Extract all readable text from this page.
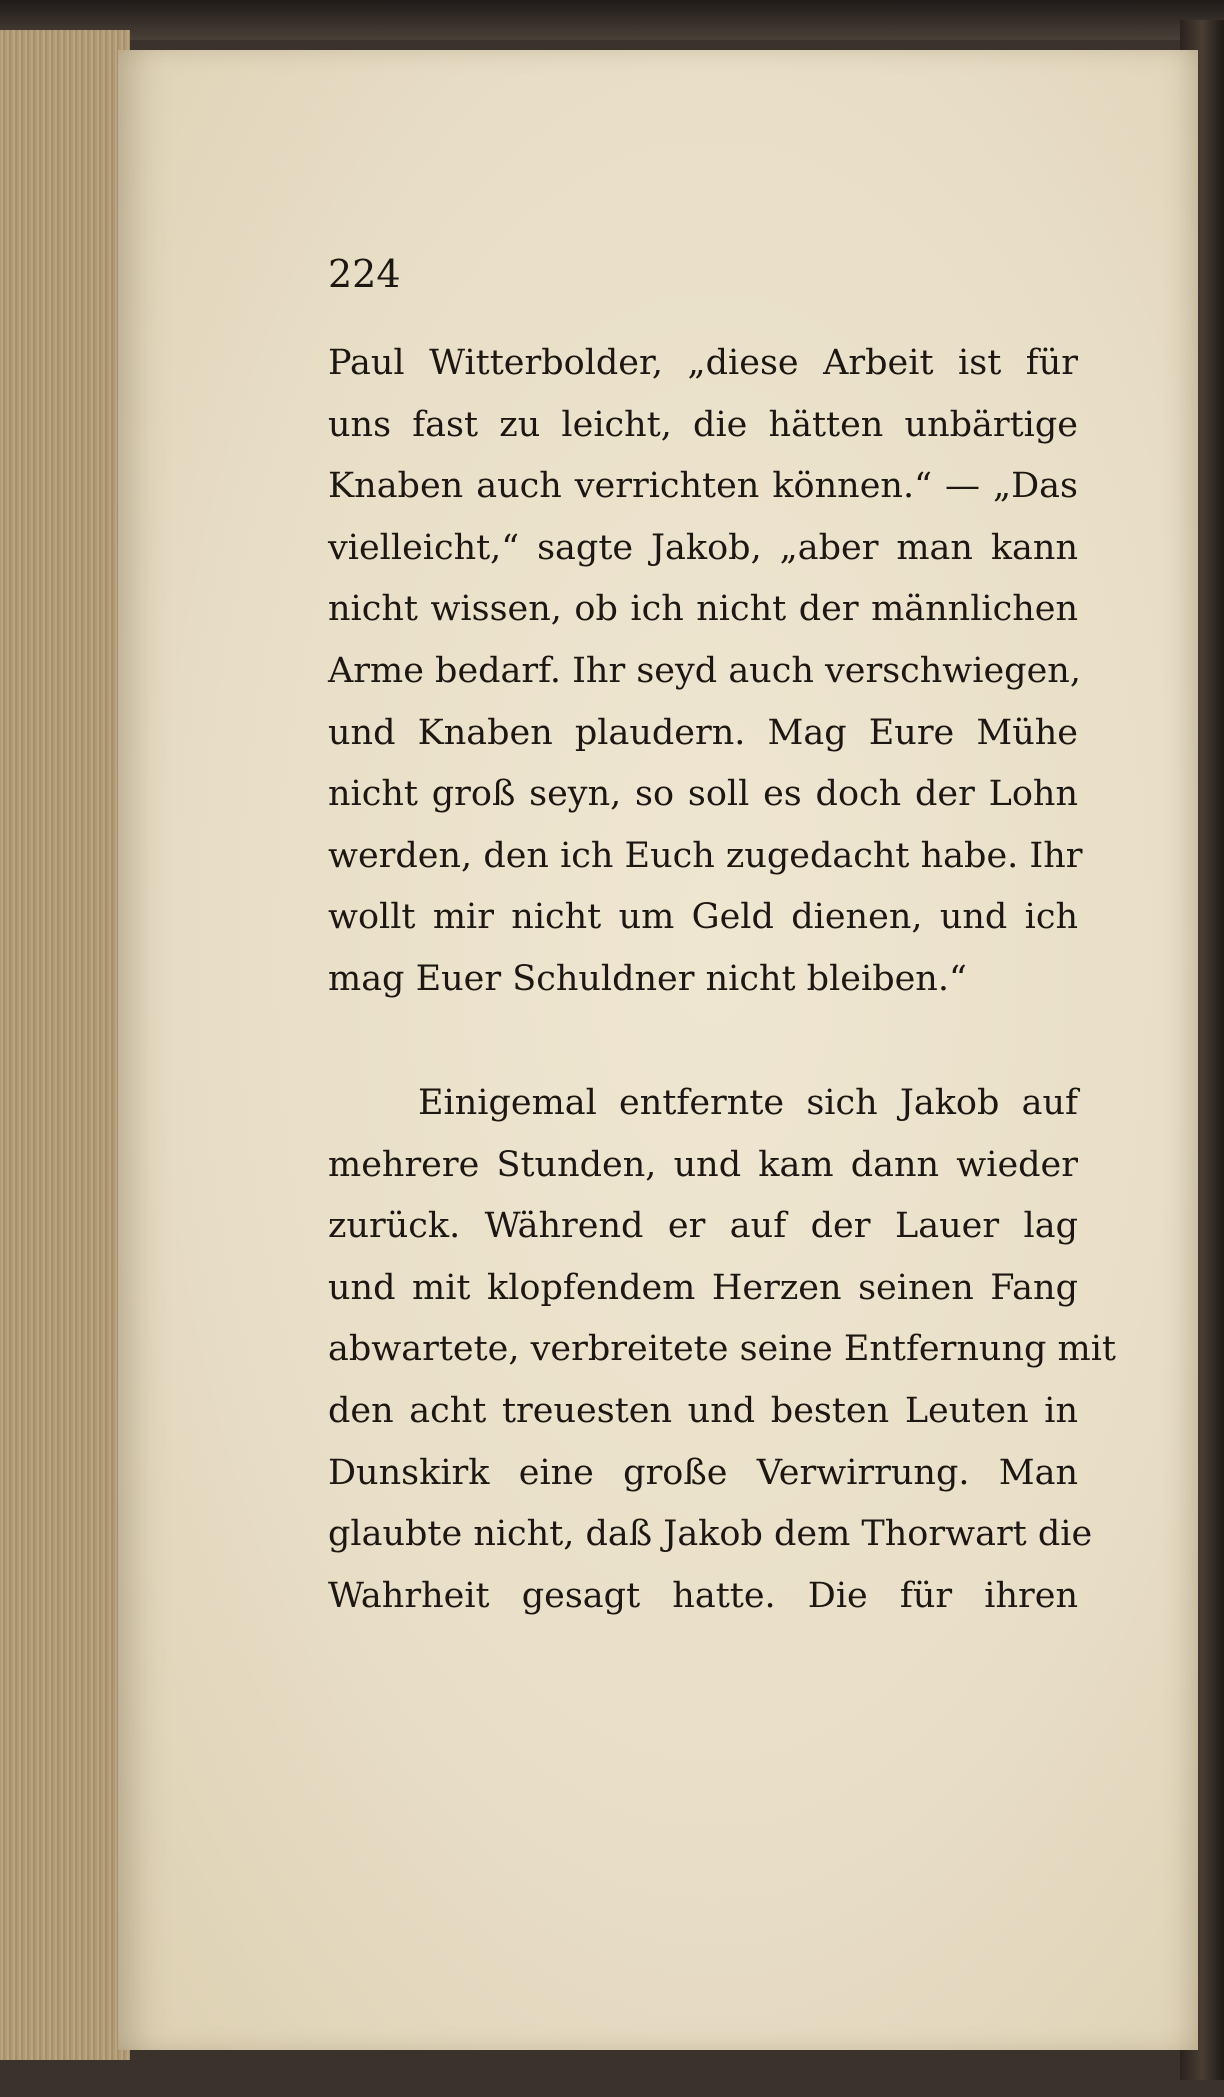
224

Paul Witterbolder, „diese Arbeit ist für
uns fast zu leicht, die hätten unbärtige
Knaben auch verrichten können.“ — „Das
vielleicht,“ sagte Jakob, „aber man kann
nicht wissen, ob ich nicht der männlichen
Arme bedarf. Ihr seyd auch verschwiegen,
und Knaben plaudern. Mag Eure Mühe
nicht groß seyn, so soll es doch der Lohn
werden, den ich Euch zugedacht habe. Ihr
wollt mir nicht um Geld dienen, und ich
mag Euer Schuldner nicht bleiben.“

Einigemal entfernte sich Jakob auf
mehrere Stunden, und kam dann wieder
zurück. Während er auf der Lauer lag
und mit klopfendem Herzen seinen Fang
abwartete, verbreitete seine Entfernung mit
den acht treuesten und besten Leuten in
Dunskirk eine große Verwirrung. Man
glaubte nicht, daß Jakob dem Thorwart die
Wahrheit gesagt hatte. Die für ihren
